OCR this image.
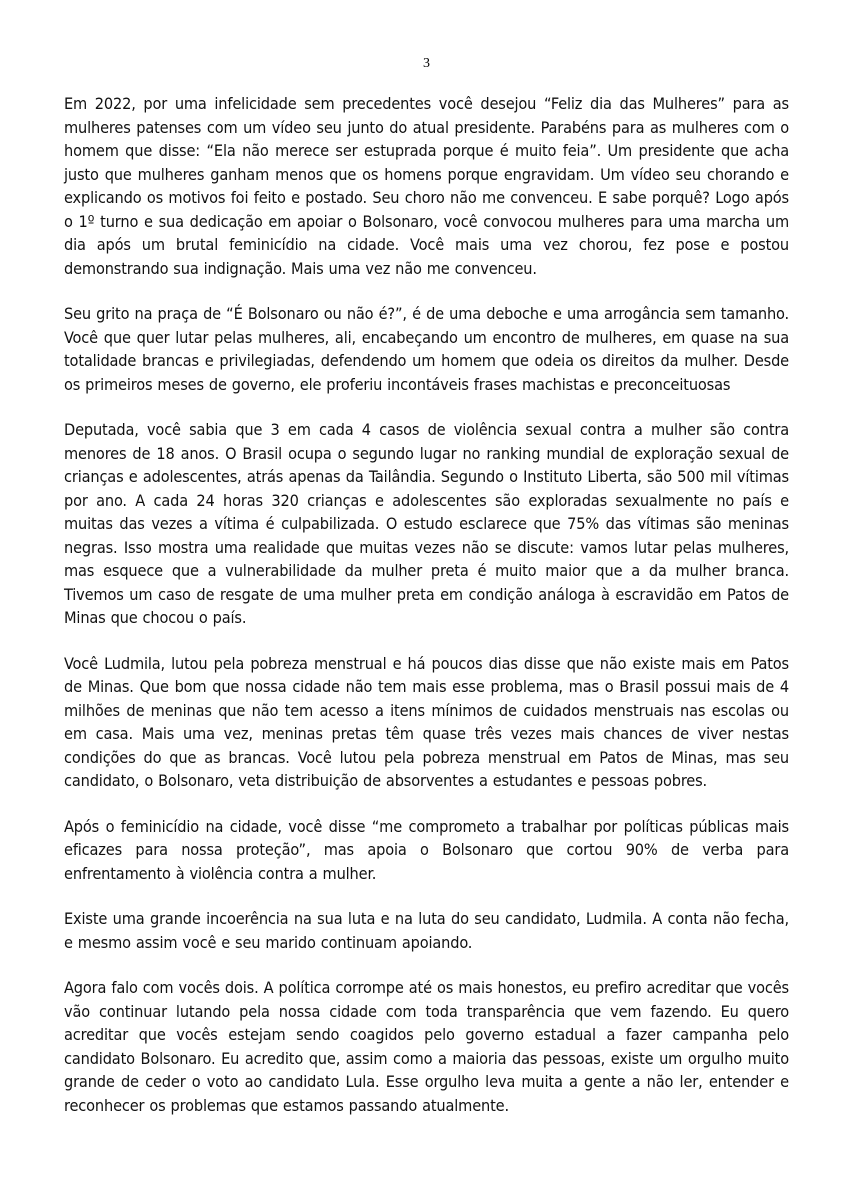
3

Em 2022, por uma infelicidade sem precedentes você desejou “Feliz dia das Mulheres” para as mulheres patenses com um vídeo seu junto do atual presidente. Parabéns para as mulheres com o homem que disse: “Ela não merece ser estuprada porque é muito feia”. Um presidente que acha justo que mulheres ganham menos que os homens porque engravidam. Um vídeo seu chorando e explicando os motivos foi feito e postado. Seu choro não me convenceu. E sabe porquê? Logo após o 1º turno e sua dedicação em apoiar o Bolsonaro, você convocou mulheres para uma marcha um dia após um brutal feminicídio na cidade. Você mais uma vez chorou, fez pose e postou demonstrando sua indignação. Mais uma vez não me convenceu.

Seu grito na praça de “É Bolsonaro ou não é?”, é de uma deboche e uma arrogância sem tamanho. Você que quer lutar pelas mulheres, ali, encabeçando um encontro de mulheres, em quase na sua totalidade brancas e privilegiadas, defendendo um homem que odeia os direitos da mulher. Desde os primeiros meses de governo, ele proferiu incontáveis frases machistas e preconceituosas

Deputada, você sabia que 3 em cada 4 casos de violência sexual contra a mulher são contra menores de 18 anos. O Brasil ocupa o segundo lugar no ranking mundial de exploração sexual de crianças e adolescentes, atrás apenas da Tailândia. Segundo o Instituto Liberta, são 500 mil vítimas por ano. A cada 24 horas 320 crianças e adolescentes são exploradas sexualmente no país e muitas das vezes a vítima é culpabilizada. O estudo esclarece que 75% das vítimas são meninas negras. Isso mostra uma realidade que muitas vezes não se discute: vamos lutar pelas mulheres, mas esquece que a vulnerabilidade da mulher preta é muito maior que a da mulher branca. Tivemos um caso de resgate de uma mulher preta em condição análoga à escravidão em Patos de Minas que chocou o país.

Você Ludmila, lutou pela pobreza menstrual e há poucos dias disse que não existe mais em Patos de Minas. Que bom que nossa cidade não tem mais esse problema, mas o Brasil possui mais de 4 milhões de meninas que não tem acesso a itens mínimos de cuidados menstruais nas escolas ou em casa. Mais uma vez, meninas pretas têm quase três vezes mais chances de viver nestas condições do que as brancas. Você lutou pela pobreza menstrual em Patos de Minas, mas seu candidato, o Bolsonaro, veta distribuição de absorventes a estudantes e pessoas pobres.

Após o feminicídio na cidade, você disse “me comprometo a trabalhar por políticas públicas mais eficazes para nossa proteção”, mas apoia o Bolsonaro que cortou 90% de verba para enfrentamento à violência contra a mulher.

Existe uma grande incoerência na sua luta e na luta do seu candidato, Ludmila. A conta não fecha, e mesmo assim você e seu marido continuam apoiando.

Agora falo com vocês dois. A política corrompe até os mais honestos, eu prefiro acreditar que vocês vão continuar lutando pela nossa cidade com toda transparência que vem fazendo. Eu quero acreditar que vocês estejam sendo coagidos pelo governo estadual a fazer campanha pelo candidato Bolsonaro. Eu acredito que, assim como a maioria das pessoas, existe um orgulho muito grande de ceder o voto ao candidato Lula. Esse orgulho leva muita a gente a não ler, entender e reconhecer os problemas que estamos passando atualmente.
